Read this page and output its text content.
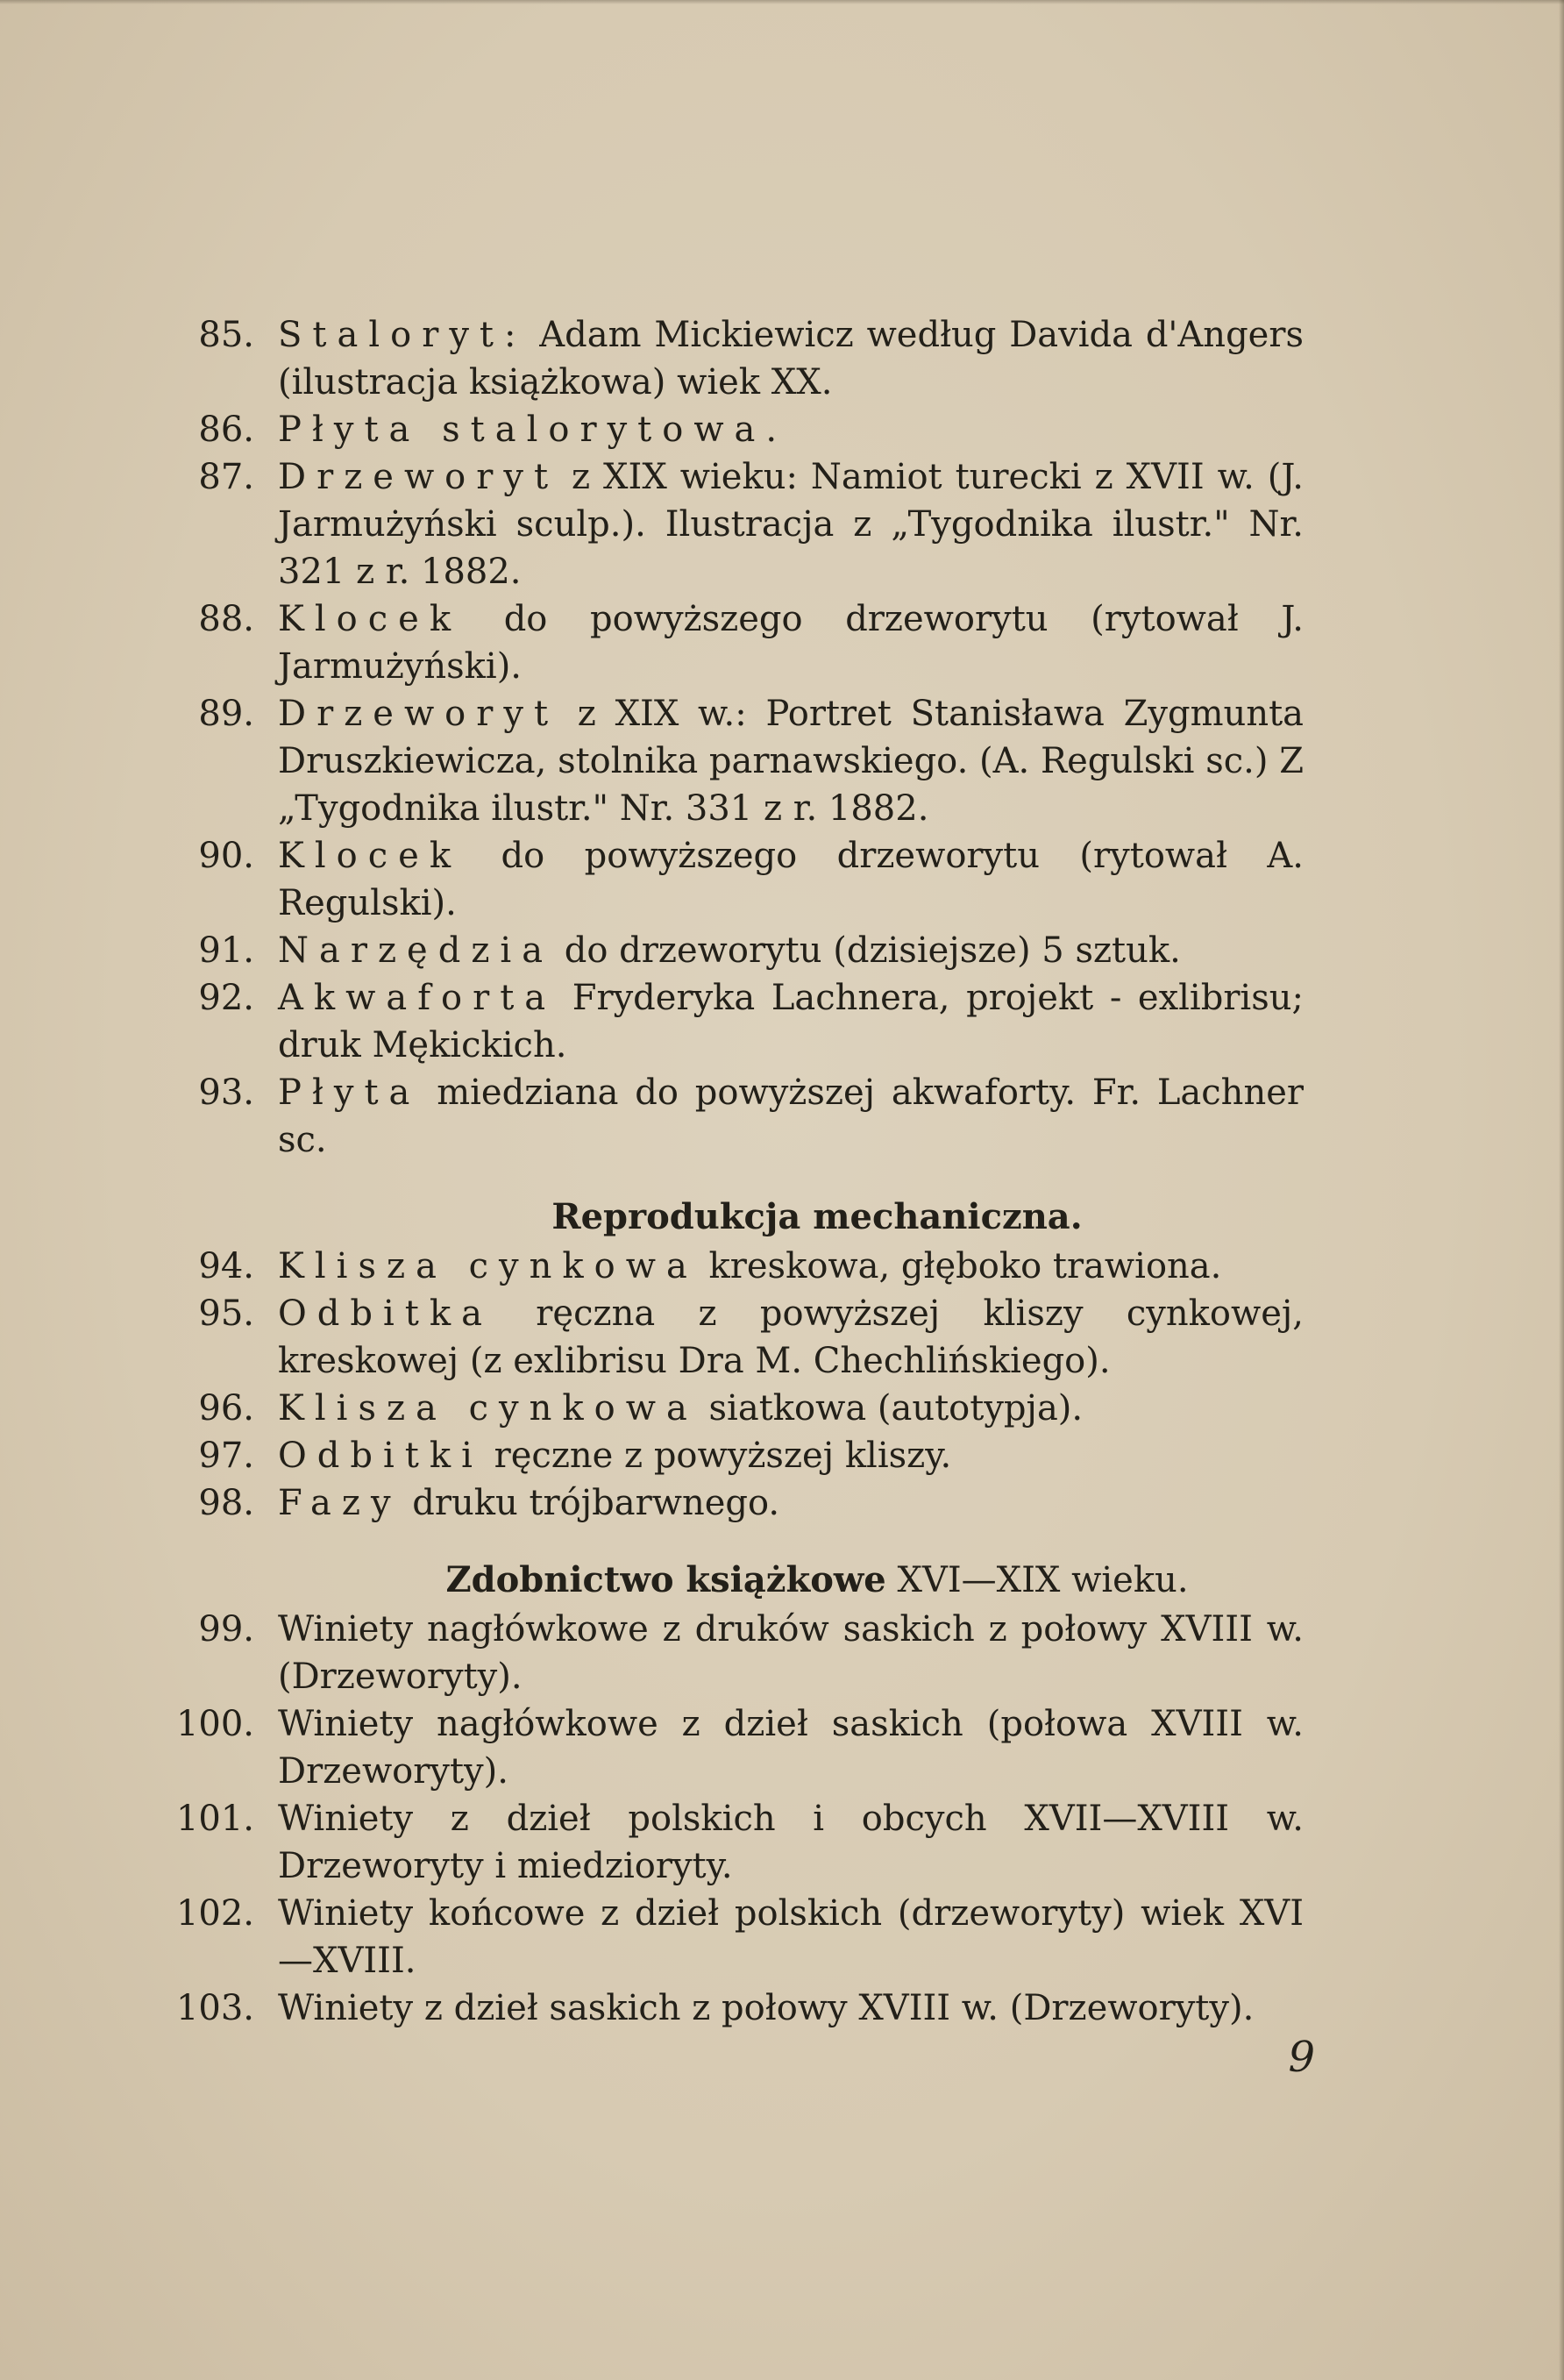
85. Staloryt: Adam Mickiewicz według Davida d'Angers (ilustracja książkowa) wiek XX.
86. Płyta stalorytowa.
87. Drzeworyt z XIX wieku: Namiot turecki z XVII w. (J. Jarmużyński sculp.). Ilustracja z „Tygodnika ilustr." Nr. 321 z r. 1882.
88. Klocek do powyższego drzeworytu (rytował J. Jarmużyński).
89. Drzeworyt z XIX w.: Portret Stanisława Zygmunta Druszkiewicza, stolnika parnawskiego. (A. Regulski sc.) Z „Tygodnika ilustr." Nr. 331 z r. 1882.
90. Klocek do powyższego drzeworytu (rytował A. Regulski).
91. Narzędzia do drzeworytu (dzisiejsze) 5 sztuk.
92. Akwaforta Fryderyka Lachnera, projekt - exlibrisu; druk Mękickich.
93. Płyta miedziana do powyższej akwaforty. Fr. Lachner sc.
Reprodukcja mechaniczna.
94. Klisza cynkowa kreskowa, głęboko trawiona.
95. Odbitka ręczna z powyższej kliszy cynkowej, kreskowej (z exlibrisu Dra M. Chechlińskiego).
96. Klisza cynkowa siatkowa (autotypja).
97. Odbitki ręczne z powyższej kliszy.
98. Fazy druku trójbarwnego.
Zdobnictwo książkowe XVI—XIX wieku.
99. Winiety nagłówkowe z druków saskich z połowy XVIII w. (Drzeworyty).
100. Winiety nagłówkowe z dzieł saskich (połowa XVIII w. Drzeworyty).
101. Winiety z dzieł polskich i obcych XVII—XVIII w. Drzeworyty i miedzioryty.
102. Winiety końcowe z dzieł polskich (drzeworyty) wiek XVI—XVIII.
103. Winiety z dzieł saskich z połowy XVIII w. (Drzeworyty).
9
